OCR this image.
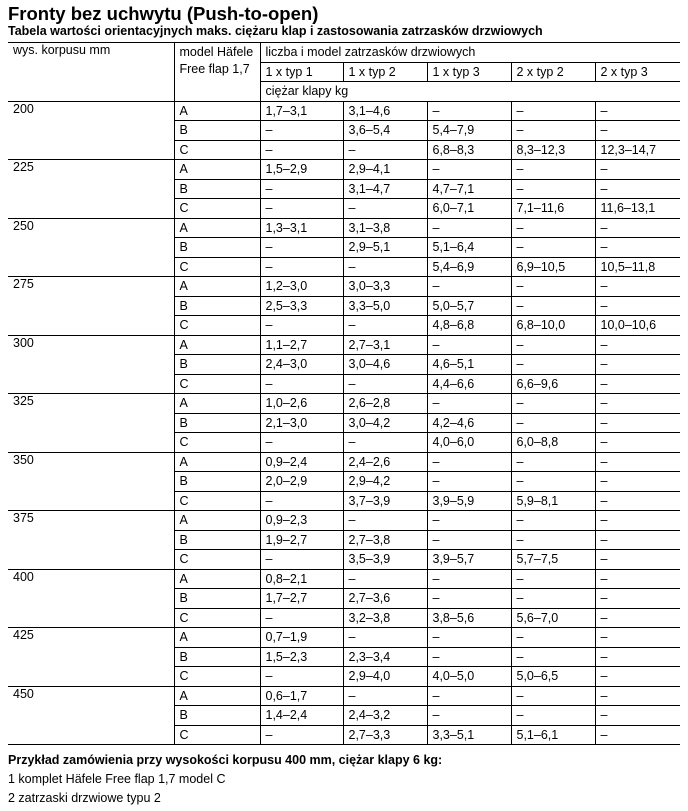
Fronty bez uchwytu (Push-to-open)
Tabela wartości orientacyjnych maks. ciężaru klap i zastosowania zatrzasków drzwiowych
wys. korpusu mm	model Häfele Free flap 1,7	liczba i model zatrzasków drzwiowych				
		1 x typ 1	1 x typ 2	1 x typ 3	2 x typ 2	2 x typ 3
		ciężar klapy kg				
200	A	1,7–3,1	3,1–4,6	–	–	–
	B	–	3,6–5,4	5,4–7,9	–	–
	C	–	–	6,8–8,3	8,3–12,3	12,3–14,7
225	A	1,5–2,9	2,9–4,1	–	–	–
	B	–	3,1–4,7	4,7–7,1	–	–
	C	–	–	6,0–7,1	7,1–11,6	11,6–13,1
250	A	1,3–3,1	3,1–3,8	–	–	–
	B	–	2,9–5,1	5,1–6,4	–	–
	C	–	–	5,4–6,9	6,9–10,5	10,5–11,8
275	A	1,2–3,0	3,0–3,3	–	–	–
	B	2,5–3,3	3,3–5,0	5,0–5,7	–	–
	C	–	–	4,8–6,8	6,8–10,0	10,0–10,6
300	A	1,1–2,7	2,7–3,1	–	–	–
	B	2,4–3,0	3,0–4,6	4,6–5,1	–	–
	C	–	–	4,4–6,6	6,6–9,6	–
325	A	1,0–2,6	2,6–2,8	–	–	–
	B	2,1–3,0	3,0–4,2	4,2–4,6	–	–
	C	–	–	4,0–6,0	6,0–8,8	–
350	A	0,9–2,4	2,4–2,6	–	–	–
	B	2,0–2,9	2,9–4,2	–	–	–
	C	–	3,7–3,9	3,9–5,9	5,9–8,1	–
375	A	0,9–2,3	–	–	–	–
	B	1,9–2,7	2,7–3,8	–	–	–
	C	–	3,5–3,9	3,9–5,7	5,7–7,5	–
400	A	0,8–2,1	–	–	–	–
	B	1,7–2,7	2,7–3,6	–	–	–
	C	–	3,2–3,8	3,8–5,6	5,6–7,0	–
425	A	0,7–1,9	–	–	–	–
	B	1,5–2,3	2,3–3,4	–	–	–
	C	–	2,9–4,0	4,0–5,0	5,0–6,5	–
450	A	0,6–1,7	–	–	–	–
	B	1,4–2,4	2,4–3,2	–	–	–
	C	–	2,7–3,3	3,3–5,1	5,1–6,1	–
Przykład zamówienia przy wysokości korpusu 400 mm, ciężar klapy 6 kg:
1 komplet Häfele Free flap 1,7 model C
2 zatrzaski drzwiowe typu 2
